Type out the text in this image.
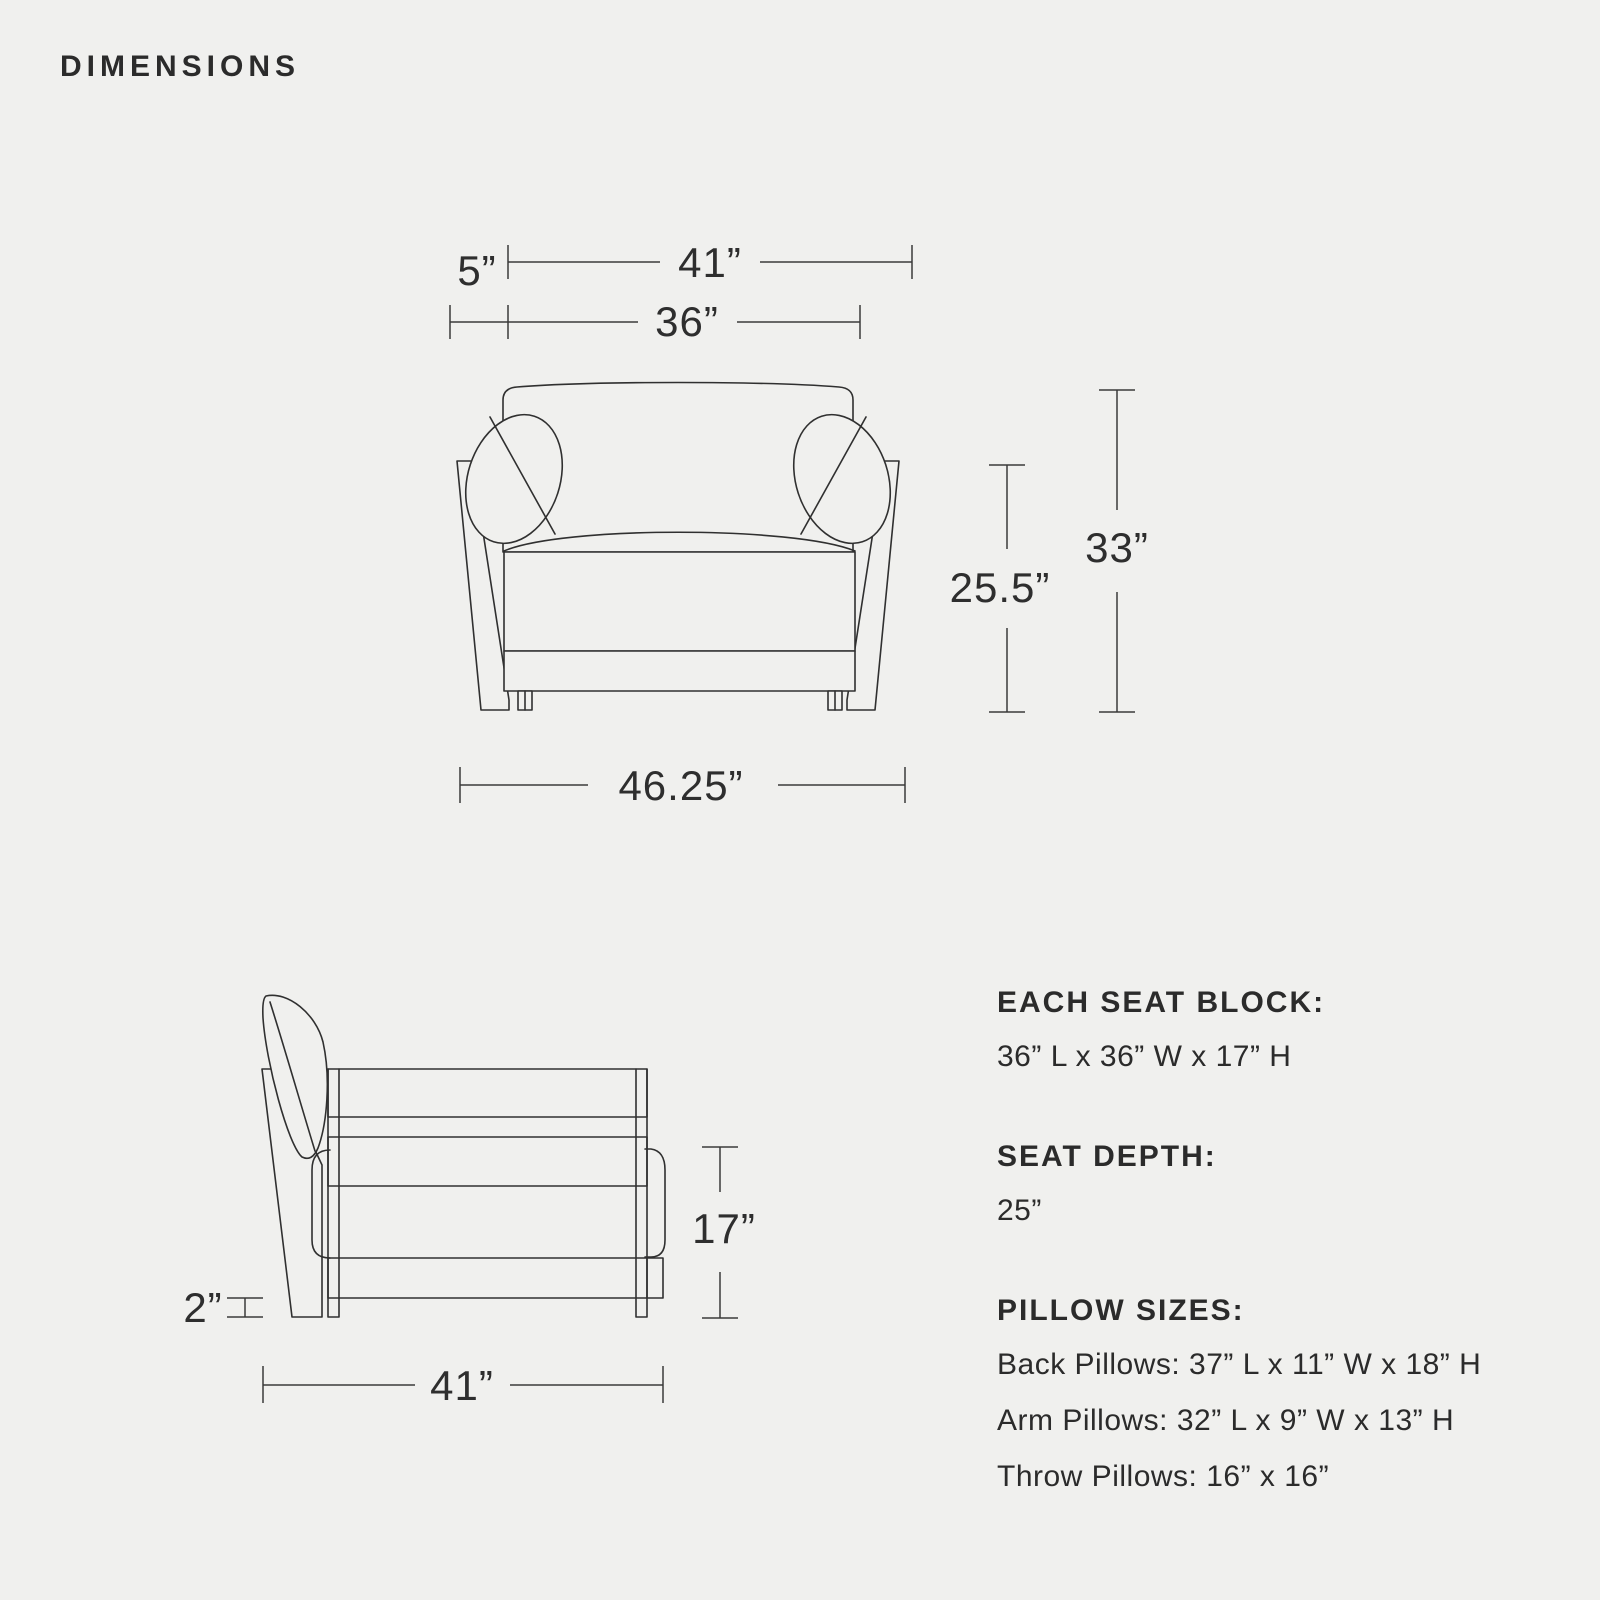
DIMENSIONS
41”
5”
36”
25.5”
33”
46.25”
2”
17”
41”
EACH SEAT BLOCK:
36” L x 36” W x 17” H
SEAT DEPTH:
25”
PILLOW SIZES:
Back Pillows: 37” L x 11” W x 18” H
Arm Pillows: 32” L x 9” W x 13” H
Throw Pillows: 16” x 16”
